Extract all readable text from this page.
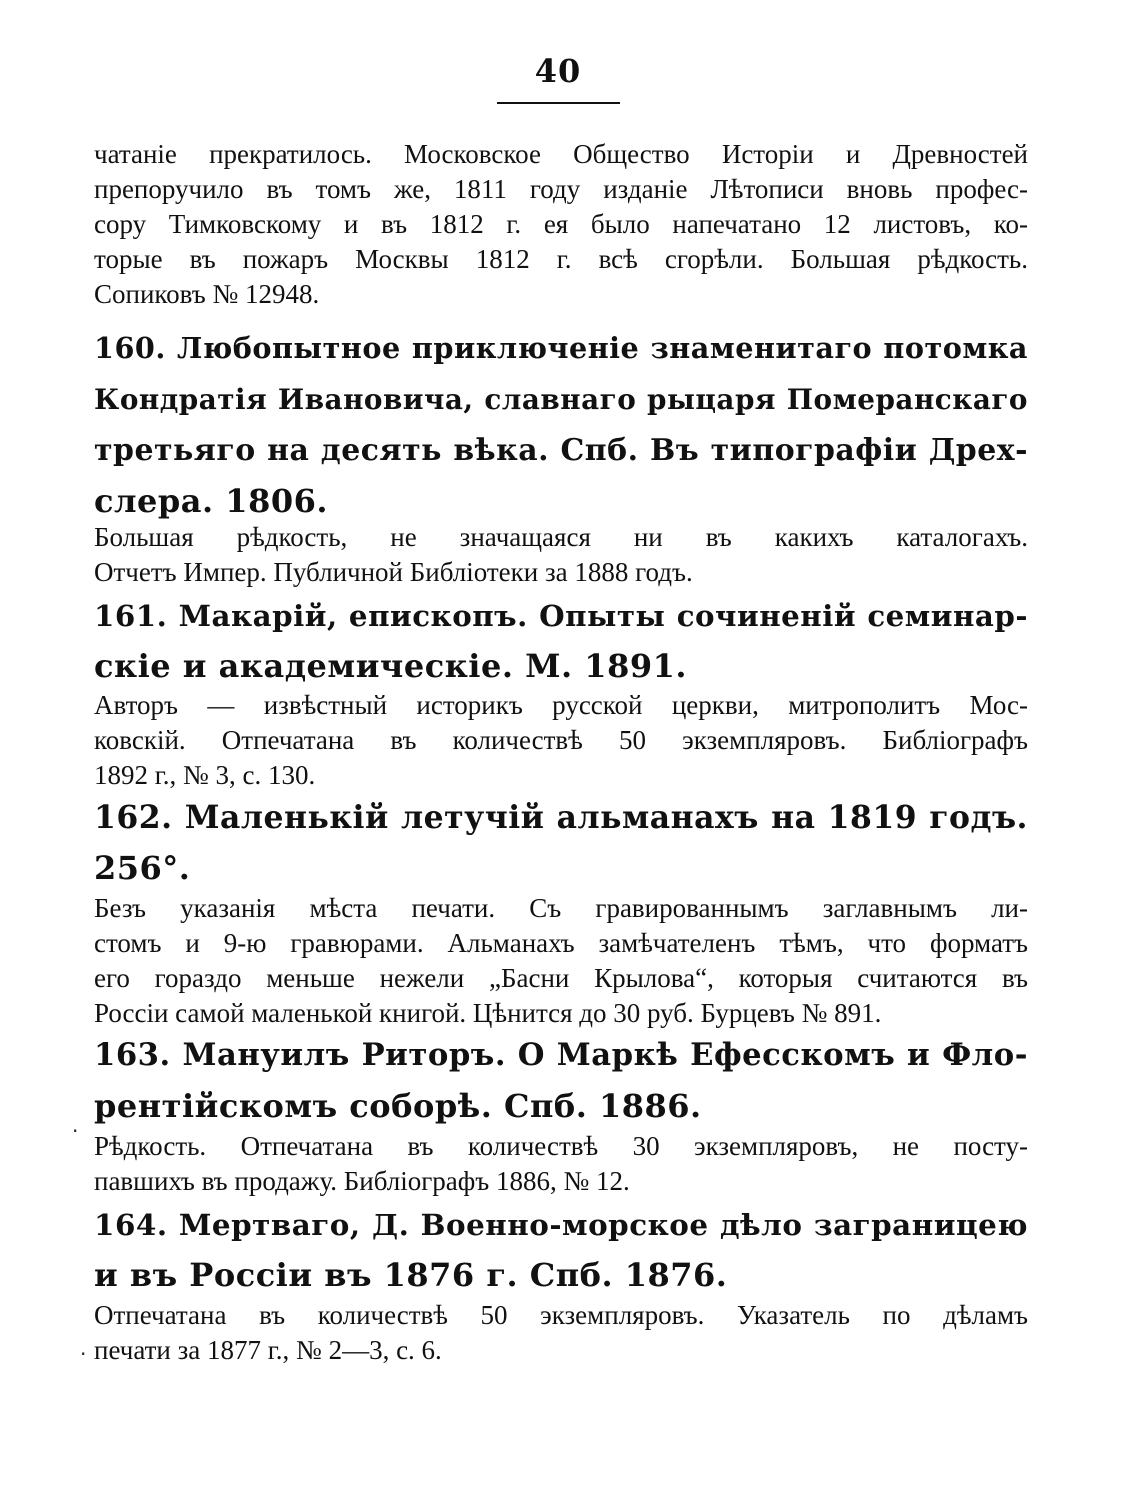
40
чатаніе прекратилось. Московское Общество Исторіи и Древностей
препоручило въ томъ же, 1811 году изданіе Лѣтописи вновь профес-
сору Тимковскому и въ 1812 г. ея было напечатано 12 листовъ, ко-
торые въ пожаръ Москвы 1812 г. всѣ сгорѣли. Большая рѣдкость.
Сопиковъ № 12948.
160. Любопытное приключеніе знаменитаго потомка
Кондратія Ивановича, славнаго рыцаря Померанскаго
третьяго на десять вѣка. Спб. Въ типографіи Дрех-
слера. 1806.
Большая рѣдкость, не значащаяся ни въ какихъ каталогахъ.
Отчетъ Импер. Публичной Библіотеки за 1888 годъ.
161. Макарій, епископъ. Опыты сочиненій семинар-
скіе и академическіе. М. 1891.
Авторъ — извѣстный историкъ русской церкви, митрополитъ Мос-
ковскій. Отпечатана въ количествѣ 50 экземпляровъ. Библіографъ
1892 г., № 3, с. 130.
162. Маленькій летучій альманахъ на 1819 годъ.
256°.
Безъ указанія мѣста печати. Съ гравированнымъ заглавнымъ ли-
стомъ и 9-ю гравюрами. Альманахъ замѣчателенъ тѣмъ, что форматъ
его гораздо меньше нежели „Басни Крылова“, которыя считаются въ
Россіи самой маленькой книгой. Цѣнится до 30 руб. Бурцевъ № 891.
163. Мануилъ Риторъ. О Маркѣ Ефесскомъ и Фло-
рентійскомъ соборѣ. Спб. 1886.
Рѣдкость. Отпечатана въ количествѣ 30 экземпляровъ, не посту-
павшихъ въ продажу. Библіографъ 1886, № 12.
164. Мертваго, Д. Военно-морское дѣло заграницею
и въ Россіи въ 1876 г. Спб. 1876.
Отпечатана въ количествѣ 50 экземпляровъ. Указатель по дѣламъ
печати за 1877 г., № 2—3, с. 6.
·
·
